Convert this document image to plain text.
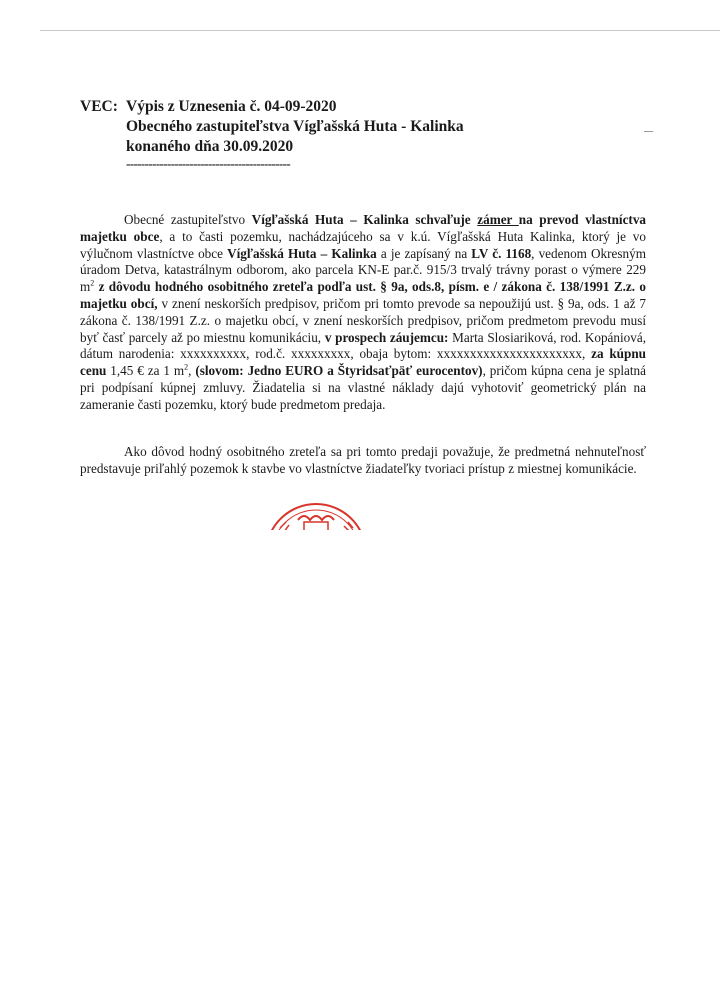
VEC: Výpis z Uznesenia č. 04-09-2020
Obecného zastupiteľstva Vígľašská Huta - Kalinka
konaného dňa 30.09.2020
--------------------------------------------
Obecné zastupiteľstvo Vígľašská Huta – Kalinka schvaľuje zámer na prevod vlastníctva majetku obce, a to časti pozemku, nachádzajúceho sa v k.ú. Vígľašská Huta Kalinka, ktorý je vo výlučnom vlastníctve obce Vígľašská Huta – Kalinka a je zapísaný na LV č. 1168, vedenom Okresným úradom Detva, katastrálnym odborom, ako parcela KN-E par.č. 915/3 trvalý trávny porast o výmere 229 $m^2$ z dôvodu hodného osobitného zreteľa podľa ust. § 9a, ods.8, písm. e / zákona č. 138/1991 Z.z. o majetku obcí, v znení neskorších predpisov, pričom pri tomto prevode sa nepoužijú ust. § 9a, ods. 1 až 7 zákona č. 138/1991 Z.z. o majetku obcí, v znení neskorších predpisov, pričom predmetom prevodu musí byť časť parcely až po miestnu komunikáciu, v prospech záujemcu: Marta Slosiariková, rod. Kopániová, dátum narodenia: xxxxxxxxxx, rod.č. xxxxxxxxx, obaja bytom: xxxxxxxxxxxxxxxxxxxxxx, za kúpnu cenu 1,45 € za 1 $m^2$, (slovom: Jedno EURO a Štyridsaťpäť eurocentov), pričom kúpna cena je splatná pri podpísaní kúpnej zmluvy. Žiadatelia si na vlastné náklady dajú vyhotoviť geometrický plán na zameranie časti pozemku, ktorý bude predmetom predaja.
Ako dôvod hodný osobitného zreteľa sa pri tomto predaji považuje, že predmetná nehnuteľnosť predstavuje priľahlý pozemok k stavbe vo vlastníctve žiadateľky tvoriaci prístup z miestnej komunikácie.
